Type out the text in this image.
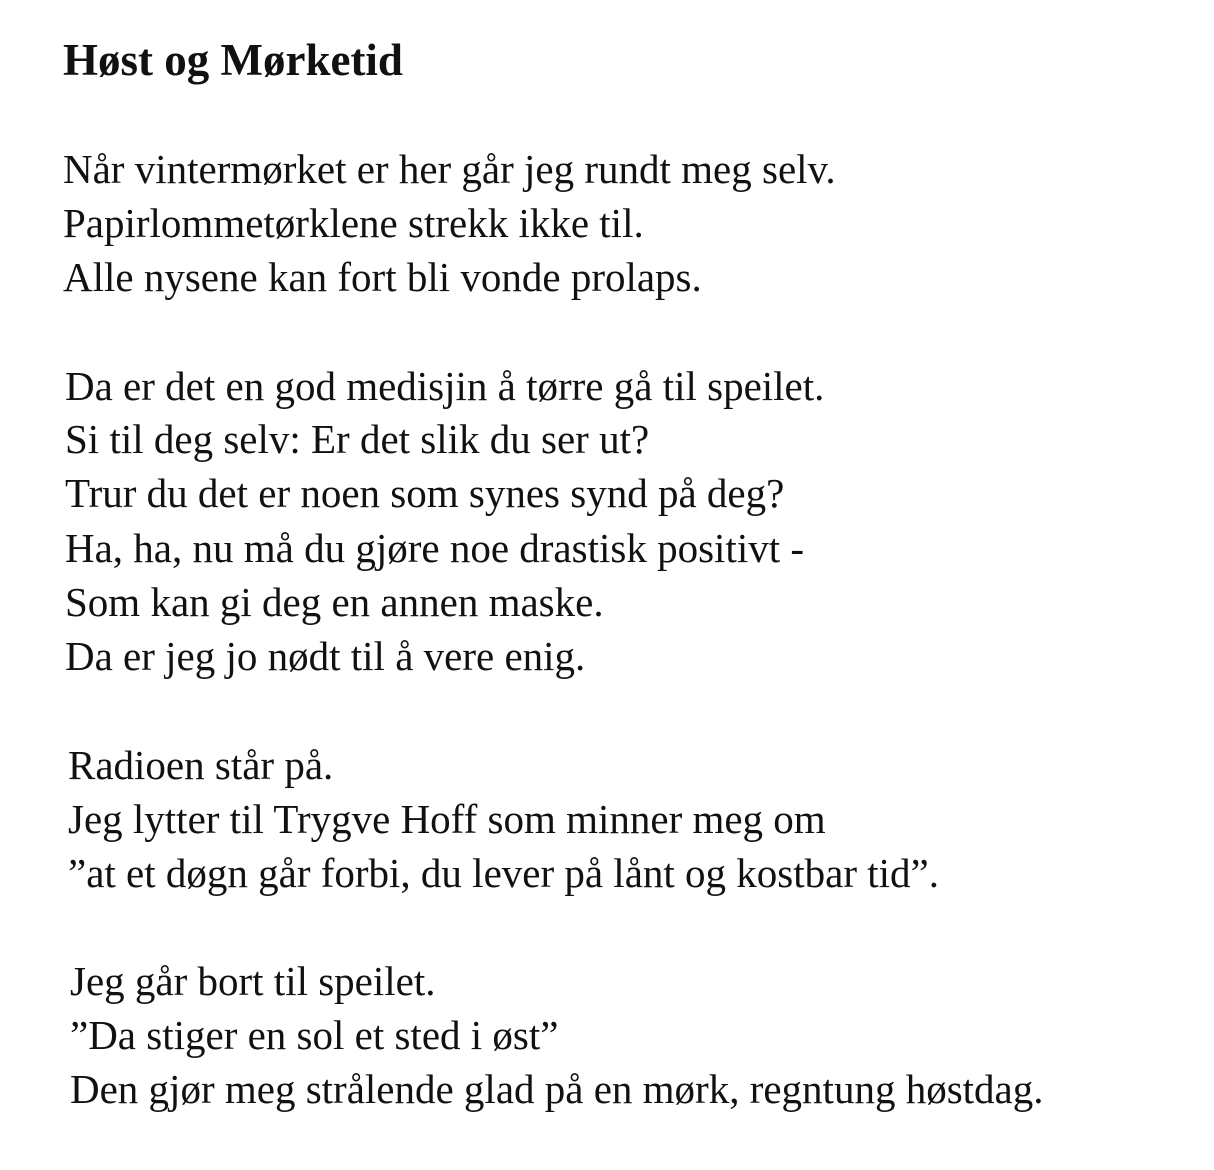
Høst og Mørketid

Når vintermørket er her går jeg rundt meg selv.

Papirlommetørklene strekk ikke til.

Alle nysene kan fort bli vonde prolaps.

Da er det en god medisjin å tørre gå til speilet.

Si til deg selv: Er det slik du ser ut?

Trur du det er noen som synes synd på deg?

Ha, ha, nu må du gjøre noe drastisk positivt -

Som kan gi deg en annen maske.

Da er jeg jo nødt til å vere enig.

Radioen står på.

Jeg lytter til Trygve Hoff som minner meg om

”at et døgn går forbi, du lever på lånt og kostbar tid”.

Jeg går bort til speilet.

”Da stiger en sol et sted i øst”

Den gjør meg strålende glad på en mørk, regntung høstdag.
